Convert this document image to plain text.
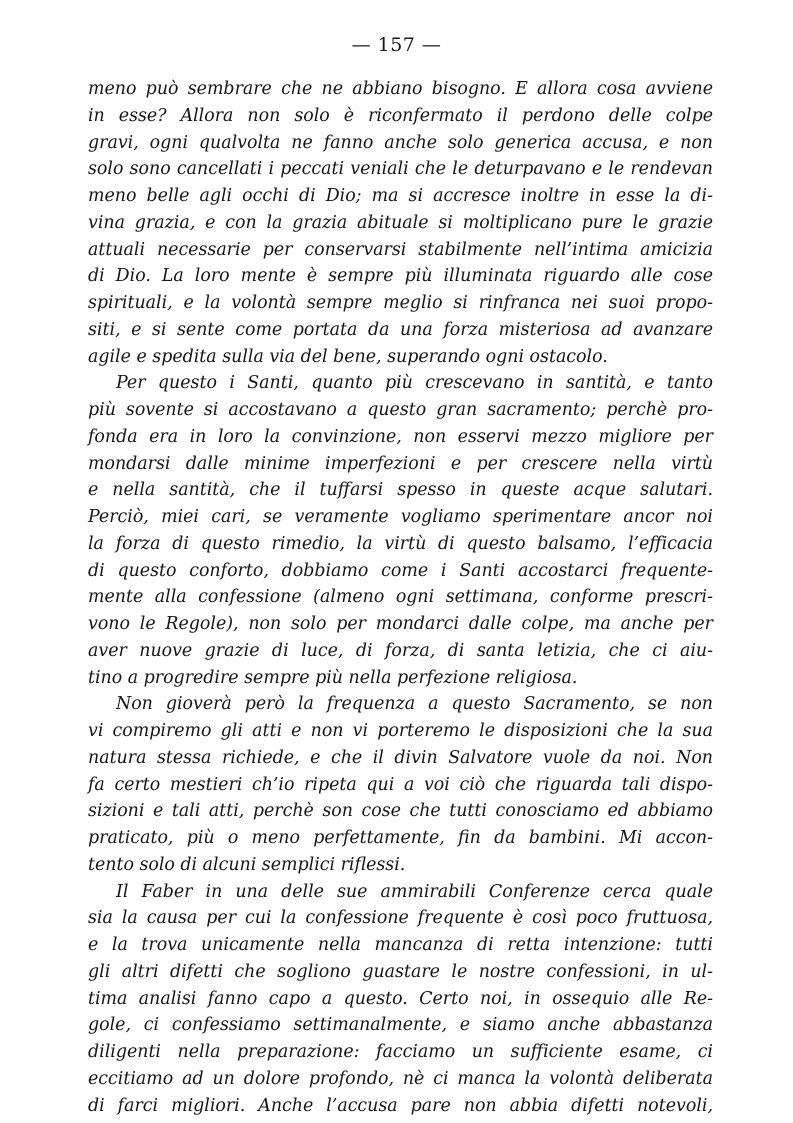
— 157 —
meno può sembrare che ne abbiano bisogno. E allora cosa avviene
in esse? Allora non solo è riconfermato il perdono delle colpe
gravi, ogni qualvolta ne fanno anche solo generica accusa, e non
solo sono cancellati i peccati veniali che le deturpavano e le rendevan
meno belle agli occhi di Dio; ma si accresce inoltre in esse la di-
vina grazia, e con la grazia abituale si moltiplicano pure le grazie
attuali necessarie per conservarsi stabilmente nell’intima amicizia
di Dio. La loro mente è sempre più illuminata riguardo alle cose
spirituali, e la volontà sempre meglio si rinfranca nei suoi propo-
siti, e si sente come portata da una forza misteriosa ad avanzare
agile e spedita sulla via del bene, superando ogni ostacolo.
Per questo i Santi, quanto più crescevano in santità, e tanto
più sovente si accostavano a questo gran sacramento; perchè pro-
fonda era in loro la convinzione, non esservi mezzo migliore per
mondarsi dalle minime imperfezioni e per crescere nella virtù
e nella santità, che il tuffarsi spesso in queste acque salutari.
Perciò, miei cari, se veramente vogliamo sperimentare ancor noi
la forza di questo rimedio, la virtù di questo balsamo, l’efficacia
di questo conforto, dobbiamo come i Santi accostarci frequente-
mente alla confessione (almeno ogni settimana, conforme prescri-
vono le Regole), non solo per mondarci dalle colpe, ma anche per
aver nuove grazie di luce, di forza, di santa letizia, che ci aiu-
tino a progredire sempre più nella perfezione religiosa.
Non gioverà però la frequenza a questo Sacramento, se non
vi compiremo gli atti e non vi porteremo le disposizioni che la sua
natura stessa richiede, e che il divin Salvatore vuole da noi. Non
fa certo mestieri ch’io ripeta qui a voi ciò che riguarda tali dispo-
sizioni e tali atti, perchè son cose che tutti conosciamo ed abbiamo
praticato, più o meno perfettamente, fin da bambini. Mi accon-
tento solo di alcuni semplici riflessi.
Il Faber in una delle sue ammirabili Conferenze cerca quale
sia la causa per cui la confessione frequente è così poco fruttuosa,
e la trova unicamente nella mancanza di retta intenzione: tutti
gli altri difetti che sogliono guastare le nostre confessioni, in ul-
tima analisi fanno capo a questo. Certo noi, in ossequio alle Re-
gole, ci confessiamo settimanalmente, e siamo anche abbastanza
diligenti nella preparazione: facciamo un sufficiente esame, ci
eccitiamo ad un dolore profondo, nè ci manca la volontà deliberata
di farci migliori. Anche l’accusa pare non abbia difetti notevoli,
